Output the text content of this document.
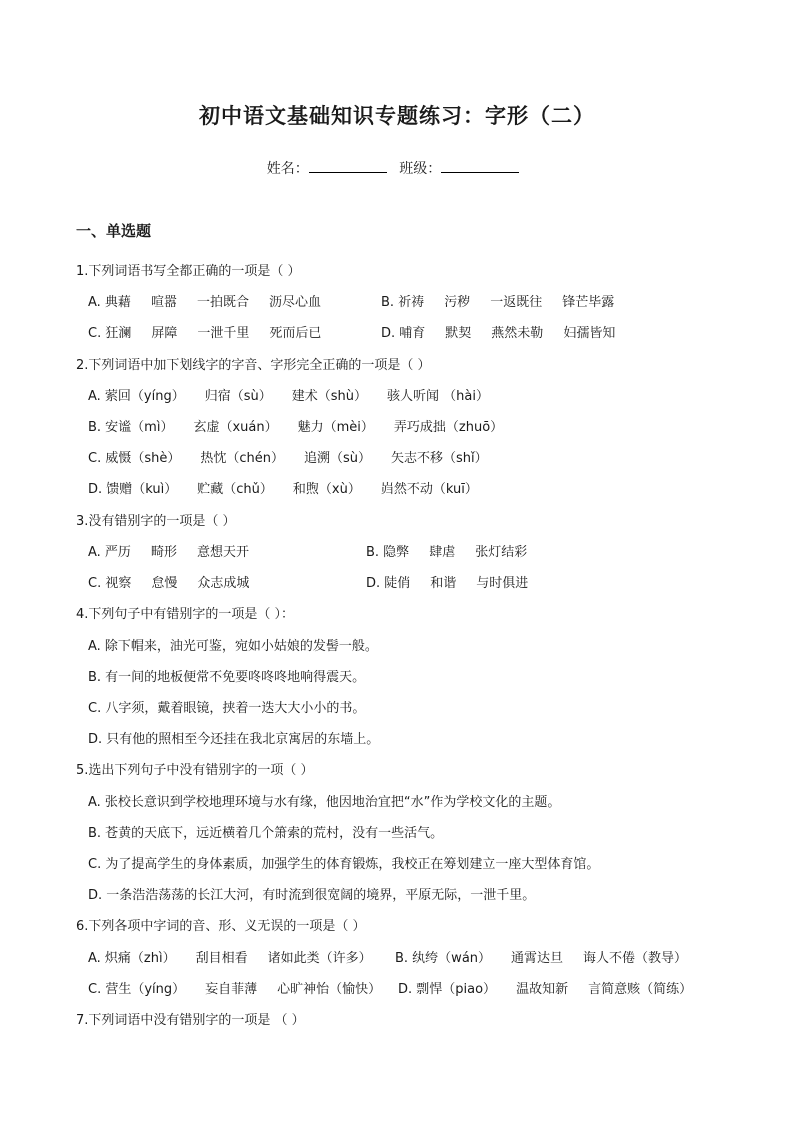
初中语文基础知识专题练习：字形（二）
姓名：	班级：
一、单选题
1.下列词语书写全都正确的一项是（ ）
A. 典藉 喧嚣 一拍既合 沥尽心血	B. 祈祷 污秽 一返既往 锋芒毕露
C. 狂澜 屏障 一泄千里 死而后已	D. 哺育 默契 燕然未勒 妇孺皆知
2.下列词语中加下划线字的字音、字形完全正确的一项是（ ）
A. 萦回（yíng） 归宿（sù） 建术（shù） 骇人听闻 （hài）
B. 安谧（mì） 玄虚（xuán） 魅力（mèi） 弄巧成拙（zhuō）
C. 威慑（shè） 热忱（chén） 追溯（sù） 矢志不移（shǐ）
D. 馈赠（kuì） 贮藏（chǔ） 和煦（xù） 岿然不动（kuī）
3.没有错别字的一项是（ ）
A. 严历 畸形 意想天开	B. 隐弊 肆虐 张灯结彩
C. 视察 怠慢 众志成城	D. 陡俏 和谐 与时俱进
4.下列句子中有错别字的一项是（ ）：
A. 除下帽来，油光可鉴，宛如小姑娘的发髻一般。
B. 有一间的地板便常不免要咚咚咚地响得震天。
C. 八字须，戴着眼镜，挟着一迭大大小小的书。
D. 只有他的照相至今还挂在我北京寓居的东墙上。
5.选出下列句子中没有错别字的一项（ ）
A. 张校长意识到学校地理环境与水有缘，他因地治宜把“水”作为学校文化的主题。
B. 苍黄的天底下，远近横着几个箫索的荒村，没有一些活气。
C. 为了提高学生的身体素质，加强学生的体育锻炼，我校正在筹划建立一座大型体育馆。
D. 一条浩浩荡荡的长江大河，有时流到很宽阔的境界，平原无际，一泄千里。
6.下列各项中字词的音、形、义无误的一项是（ ）
A. 炽痛（zhì） 刮目相看 诸如此类（许多）	B. 纨绔（wán） 通霄达旦 诲人不倦（教导）
C. 营生（yíng） 妄自菲薄 心旷神怡（愉快）	D. 剽悍（piao） 温故知新 言简意赅（简练）
7.下列词语中没有错别字的一项是 （ ）
